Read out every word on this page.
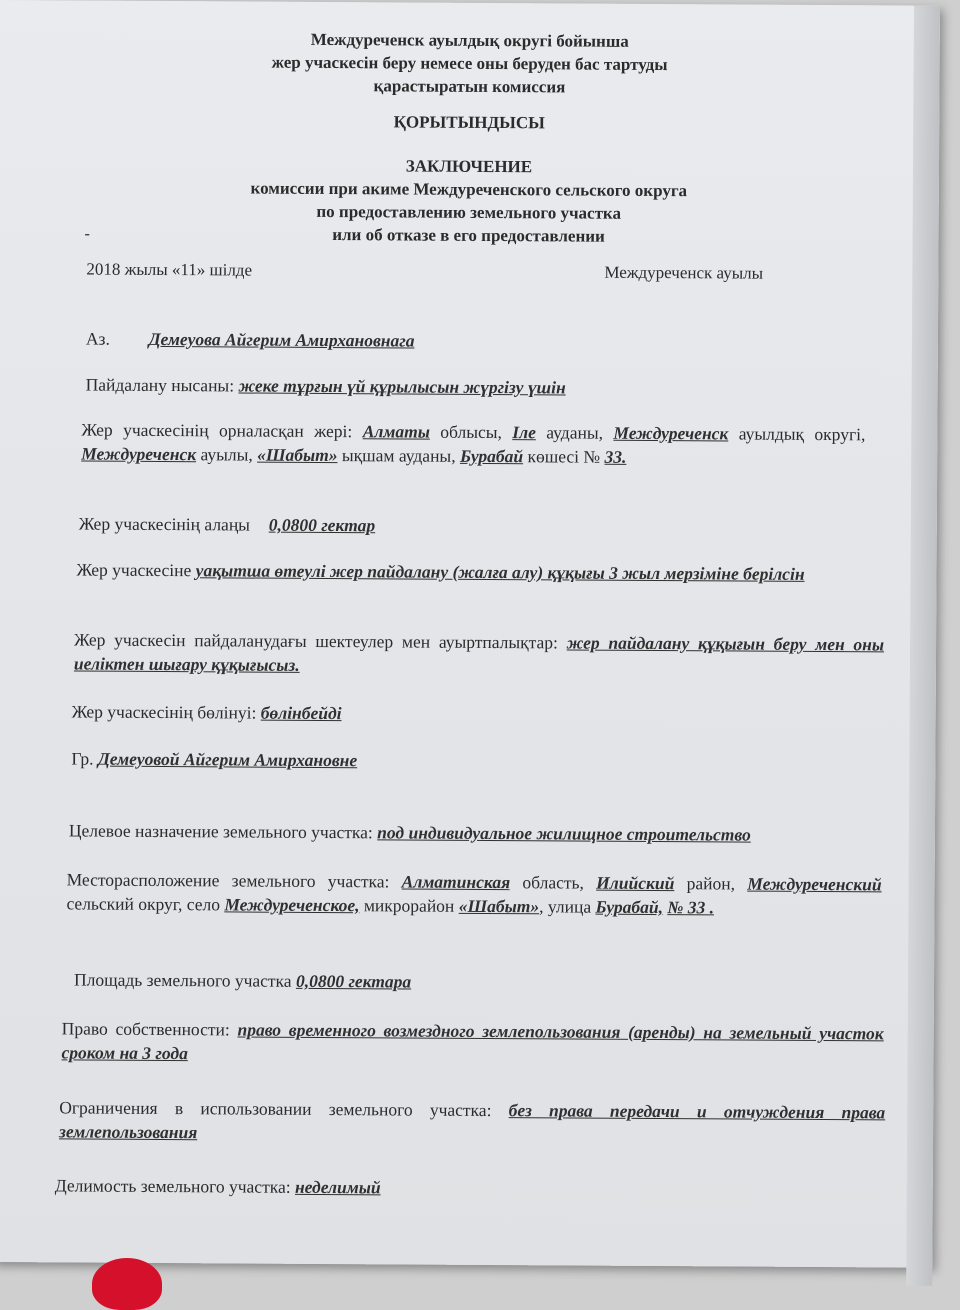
Междуреченск ауылдық округі бойынша
жер учаскесін беру немесе оны беруден бас тартуды
қарастыратын комиссия
ҚОРЫТЫНДЫСЫ
ЗАКЛЮЧЕНИЕ
комиссии при акиме Междуреченского сельского округа
по предоставлению земельного участка
или об отказе в его предоставлении
-
2018 жылы «11» шілде	Междуреченск ауылы
Аз. Демеуова Айгерим Амирхановнага
Пайдалану нысаны: жеке тұрғын үй құрылысын жүргізу үшін
Жер учаскесінің орналасқан жері: Алматы облысы, Іле ауданы, Междуреченск ауылдық округі, Междуреченск ауылы, «Шабыт» ықшам ауданы, Бурабай көшесі № 33.
Жер учаскесінің алаңы 0,0800 гектар
Жер учаскесіне уақытша өтеулі жер пайдалану (жалға алу) құқығы 3 жыл мерзіміне берілсін
Жер учаскесін пайдаланудағы шектеулер мен ауыртпалықтар: жер пайдалану құқығын беру мен оны иеліктен шығару құқығысыз.
Жер учаскесінің бөлінуі: бөлінбейді
Гр. Демеуовой Айгерим Амирхановне
Целевое назначение земельного участка: под индивидуальное жилищное строительство
Месторасположение земельного участка: Алматинская область, Илийский район, Междуреченский сельский округ, село Междуреченское, микрорайон «Шабыт», улица Бурабай, № 33 .
Площадь земельного участка 0,0800 гектара
Право собственности: право временного возмездного землепользования (аренды) на земельный участок сроком на 3 года
Ограничения в использовании земельного участка: без права передачи и отчуждения права землепользования
Делимость земельного участка: неделимый
